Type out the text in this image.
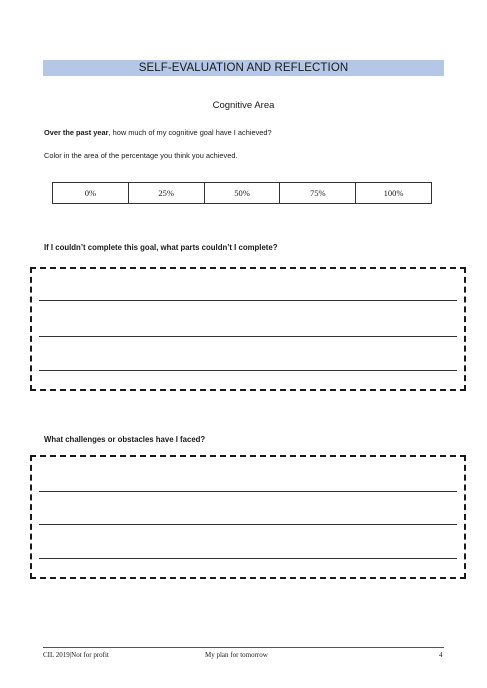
SELF-EVALUATION AND REFLECTION
Cognitive Area
Over the past year, how much of my cognitive goal have I achieved?
Color in the area of the percentage you think you achieved.
0%	25%	50%	75%	100%
If I couldn’t complete this goal, what parts couldn’t I complete?
What challenges or obstacles have I faced?
CIL 2019|Not for profit	My plan for tomorrow	4
